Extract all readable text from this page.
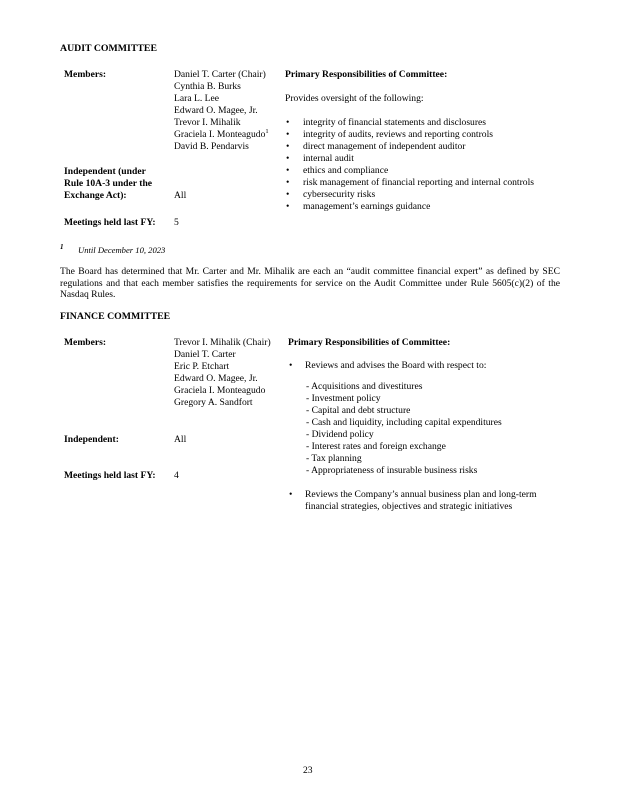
AUDIT COMMITTEE
Members:	Daniel T. Carter (Chair)
Cynthia B. Burks
Lara L. Lee
Edward O. Magee, Jr.
Trevor I. Mihalik
Graciela I. Monteagudo$^1$
David B. Pendarvis
Primary Responsibilities of Committee:
Provides oversight of the following:
• integrity of financial statements and disclosures
• integrity of audits, reviews and reporting controls
• direct management of independent auditor
• internal audit
• ethics and compliance
• risk management of financial reporting and internal controls
• cybersecurity risks
• management’s earnings guidance
Independent (under
Rule 10A-3 under the
Exchange Act):	All
Meetings held last FY: 5
1 Until December 10, 2023
The Board has determined that Mr. Carter and Mr. Mihalik are each an “audit committee financial expert” as defined by SEC regulations and that each member satisfies the requirements for service on the Audit Committee under Rule 5605(c)(2) of the Nasdaq Rules.
FINANCE COMMITTEE
Members:	Trevor I. Mihalik (Chair)
Daniel T. Carter
Eric P. Etchart
Edward O. Magee, Jr.
Graciela I. Monteagudo
Gregory A. Sandfort
Primary Responsibilities of Committee:
• Reviews and advises the Board with respect to:
- Acquisitions and divestitures
- Investment policy
- Capital and debt structure
- Cash and liquidity, including capital expenditures
- Dividend policy
- Interest rates and foreign exchange
- Tax planning
- Appropriateness of insurable business risks
• Reviews the Company’s annual business plan and long-term
financial strategies, objectives and strategic initiatives
Independent:	All
Meetings held last FY: 4
23
